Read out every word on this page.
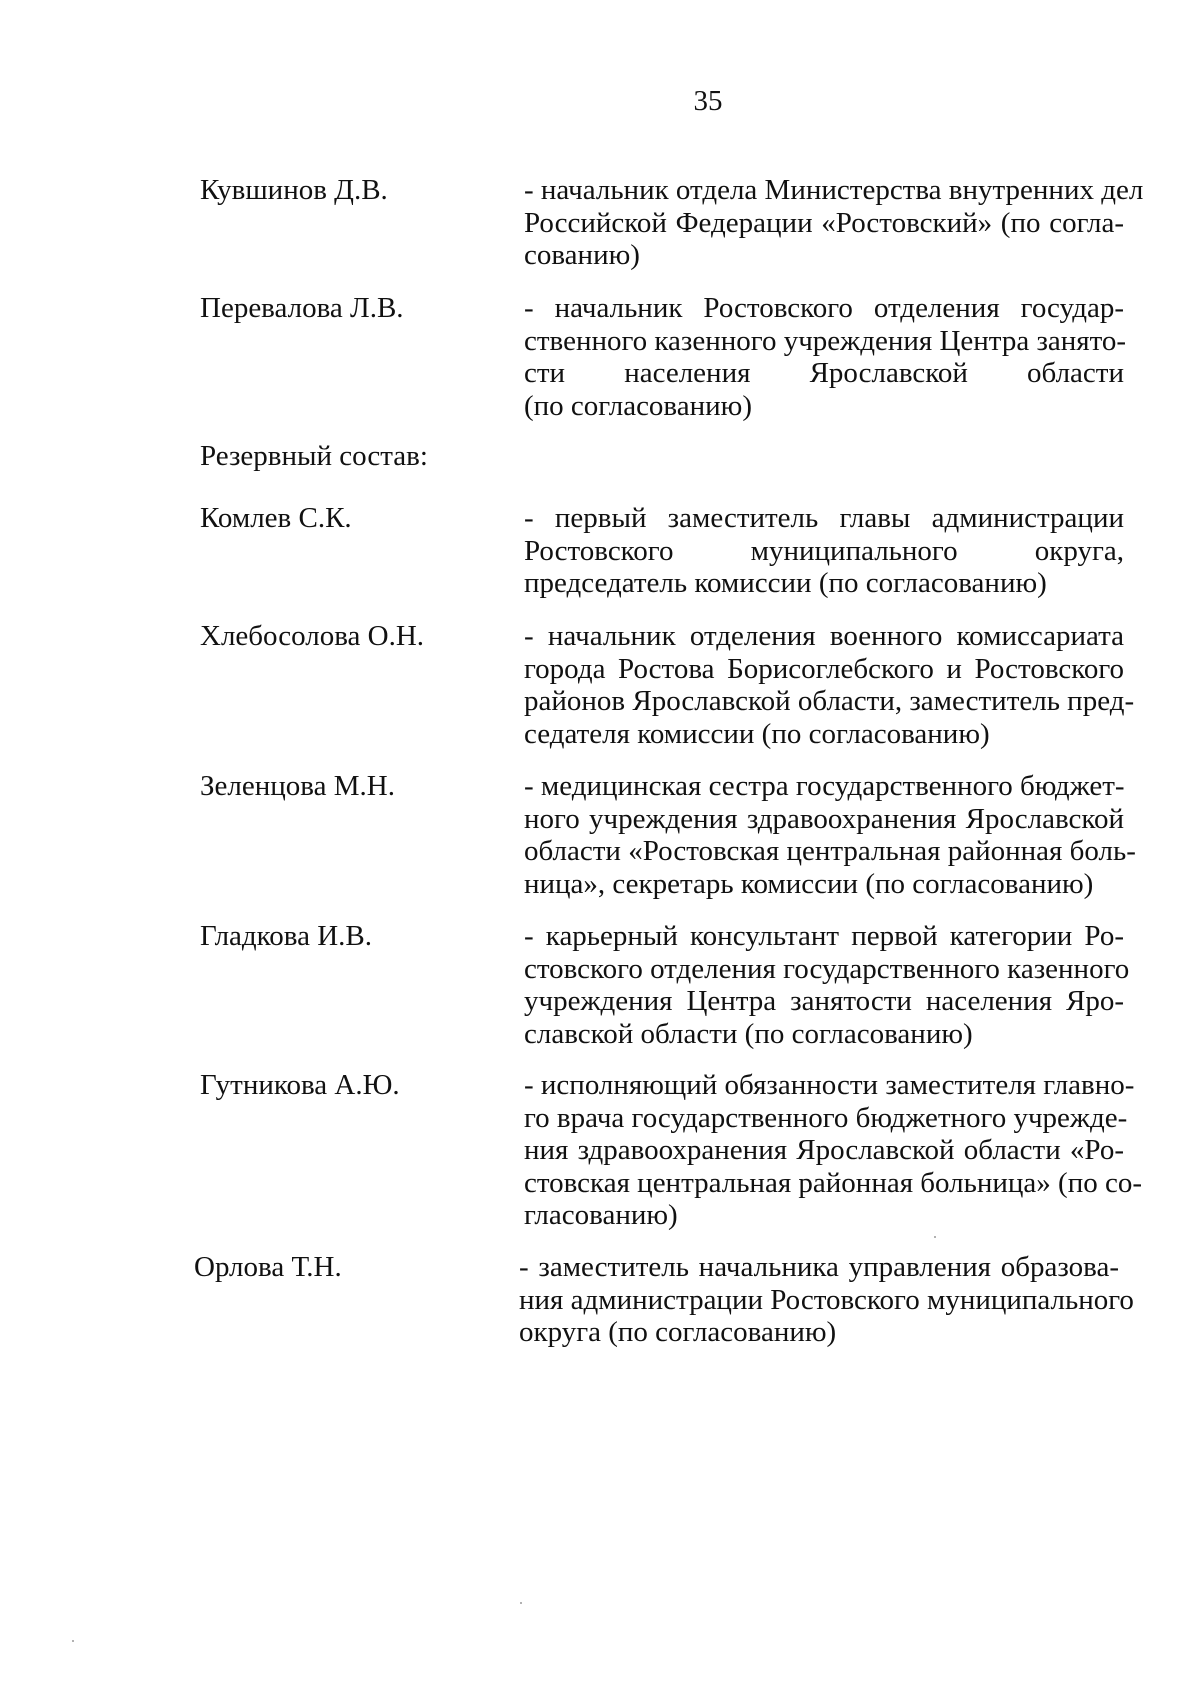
35
Кувшинов Д.В.	- начальник отдела Министерства внутренних дел
Российской Федерации «Ростовский» (по согла-
сованию)
Перевалова Л.В.	- начальник Ростовского отделения государ-
ственного казенного учреждения Центра занято-
сти населения Ярославской области
(по согласованию)
Резервный состав:
Комлев С.К.	- первый заместитель главы администрации
Ростовского муниципального округа,
председатель комиссии (по согласованию)
Хлебосолова О.Н.	- начальник отделения военного комиссариата
города Ростова Борисоглебского и Ростовского
районов Ярославской области, заместитель пред-
седателя комиссии (по согласованию)
Зеленцова М.Н.	- медицинская сестра государственного бюджет-
ного учреждения здравоохранения Ярославской
области «Ростовская центральная районная боль-
ница», секретарь комиссии (по согласованию)
Гладкова И.В.	- карьерный консультант первой категории Ро-
стовского отделения государственного казенного
учреждения Центра занятости населения Яро-
славской области (по согласованию)
Гутникова А.Ю.	- исполняющий обязанности заместителя главно-
го врача государственного бюджетного учрежде-
ния здравоохранения Ярославской области «Ро-
стовская центральная районная больница» (по со-
гласованию)
Орлова Т.Н.	- заместитель начальника управления образова-
ния администрации Ростовского муниципального
округа (по согласованию)
